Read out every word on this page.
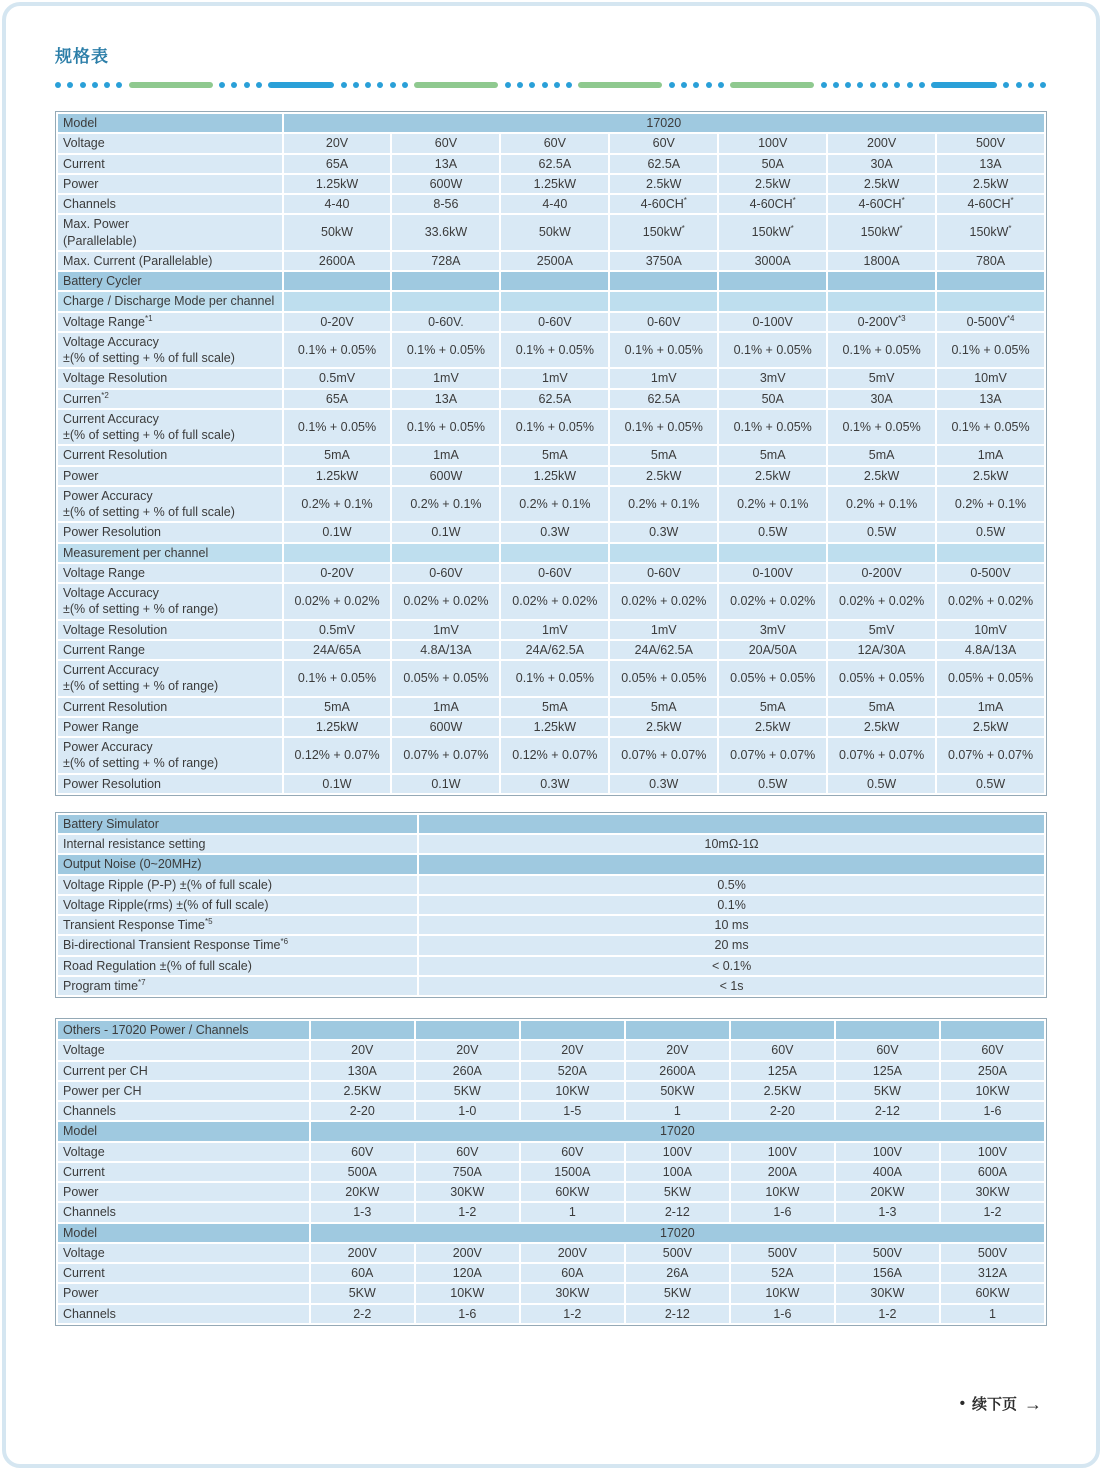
规格表
Model	17020						
Voltage	20V	60V	60V	60V	100V	200V	500V
Current	65A	13A	62.5A	62.5A	50A	30A	13A
Power	1.25kW	600W	1.25kW	2.5kW	2.5kW	2.5kW	2.5kW
Channels	4-40	8-56	4-40	4-60CH*	4-60CH*	4-60CH*	4-60CH*
Max. Power
(Parallelable)	50kW	33.6kW	50kW	150kW*	150kW*	150kW*	150kW*
Max. Current (Parallelable)	2600A	728A	2500A	3750A	3000A	1800A	780A
Battery Cycler							
Charge / Discharge Mode per channel							
Voltage Range$^{*1}$	0-20V	0-60V.	0-60V	0-60V	0-100V	$0-200V^{*3}$	$0-500V^{*4}$
Voltage Accuracy
±(% of setting + % of full scale)	0.1% + 0.05%	0.1% + 0.05%	0.1% + 0.05%	0.1% + 0.05%	0.1% + 0.05%	0.1% + 0.05%	0.1% + 0.05%
Voltage Resolution	0.5mV	1mV	1mV	1mV	3mV	5mV	10mV
Curren$^{*2}$	65A	13A	62.5A	62.5A	50A	30A	13A
Current Accuracy
±(% of setting + % of full scale)	0.1% + 0.05%	0.1% + 0.05%	0.1% + 0.05%	0.1% + 0.05%	0.1% + 0.05%	0.1% + 0.05%	0.1% + 0.05%
Current Resolution	5mA	1mA	5mA	5mA	5mA	5mA	1mA
Power	1.25kW	600W	1.25kW	2.5kW	2.5kW	2.5kW	2.5kW
Power Accuracy
±(% of setting + % of full scale)	0.2% + 0.1%	0.2% + 0.1%	0.2% + 0.1%	0.2% + 0.1%	0.2% + 0.1%	0.2% + 0.1%	0.2% + 0.1%
Power Resolution	0.1W	0.1W	0.3W	0.3W	0.5W	0.5W	0.5W
Measurement per channel							
Voltage Range	0-20V	0-60V	0-60V	0-60V	0-100V	0-200V	0-500V
Voltage Accuracy
±(% of setting + % of range)	0.02% + 0.02%	0.02% + 0.02%	0.02% + 0.02%	0.02% + 0.02%	0.02% + 0.02%	0.02% + 0.02%	0.02% + 0.02%
Voltage Resolution	0.5mV	1mV	1mV	1mV	3mV	5mV	10mV
Current Range	24A/65A	4.8A/13A	24A/62.5A	24A/62.5A	20A/50A	12A/30A	4.8A/13A
Current Accuracy
±(% of setting + % of range)	0.1% + 0.05%	0.05% + 0.05%	0.1% + 0.05%	0.05% + 0.05%	0.05% + 0.05%	0.05% + 0.05%	0.05% + 0.05%
Current Resolution	5mA	1mA	5mA	5mA	5mA	5mA	1mA
Power Range	1.25kW	600W	1.25kW	2.5kW	2.5kW	2.5kW	2.5kW
Power Accuracy
±(% of setting + % of range)	0.12% + 0.07%	0.07% + 0.07%	0.12% + 0.07%	0.07% + 0.07%	0.07% + 0.07%	0.07% + 0.07%	0.07% + 0.07%
Power Resolution	0.1W	0.1W	0.3W	0.3W	0.5W	0.5W	0.5W
Battery Simulator	
Internal resistance setting	10mΩ-1Ω
Output Noise (0~20MHz)	
Voltage Ripple (P-P) ±(% of full scale)	0.5%
Voltage Ripple(rms) ±(% of full scale)	0.1%
Transient Response Time$^{*5}$	10 ms
Bi-directional Transient Response Time$^{*6}$	20 ms
Road Regulation ±(% of full scale)	< 0.1%
Program time$^{*7}$	< 1s
Others - 17020 Power / Channels							
Voltage	20V	20V	20V	20V	60V	60V	60V
Current per CH	130A	260A	520A	2600A	125A	125A	250A
Power per CH	2.5KW	5KW	10KW	50KW	2.5KW	5KW	10KW
Channels	2-20	1-0	1-5	1	2-20	2-12	1-6
Model	17020						
Voltage	60V	60V	60V	100V	100V	100V	100V
Current	500A	750A	1500A	100A	200A	400A	600A
Power	20KW	30KW	60KW	5KW	10KW	20KW	30KW
Channels	1-3	1-2	1	2-12	1-6	1-3	1-2
Model	17020						
Voltage	200V	200V	200V	500V	500V	500V	500V
Current	60A	120A	60A	26A	52A	156A	312A
Power	5KW	10KW	30KW	5KW	10KW	30KW	60KW
Channels	2-2	1-6	1-2	2-12	1-6	1-2	1
• 续下页 →
